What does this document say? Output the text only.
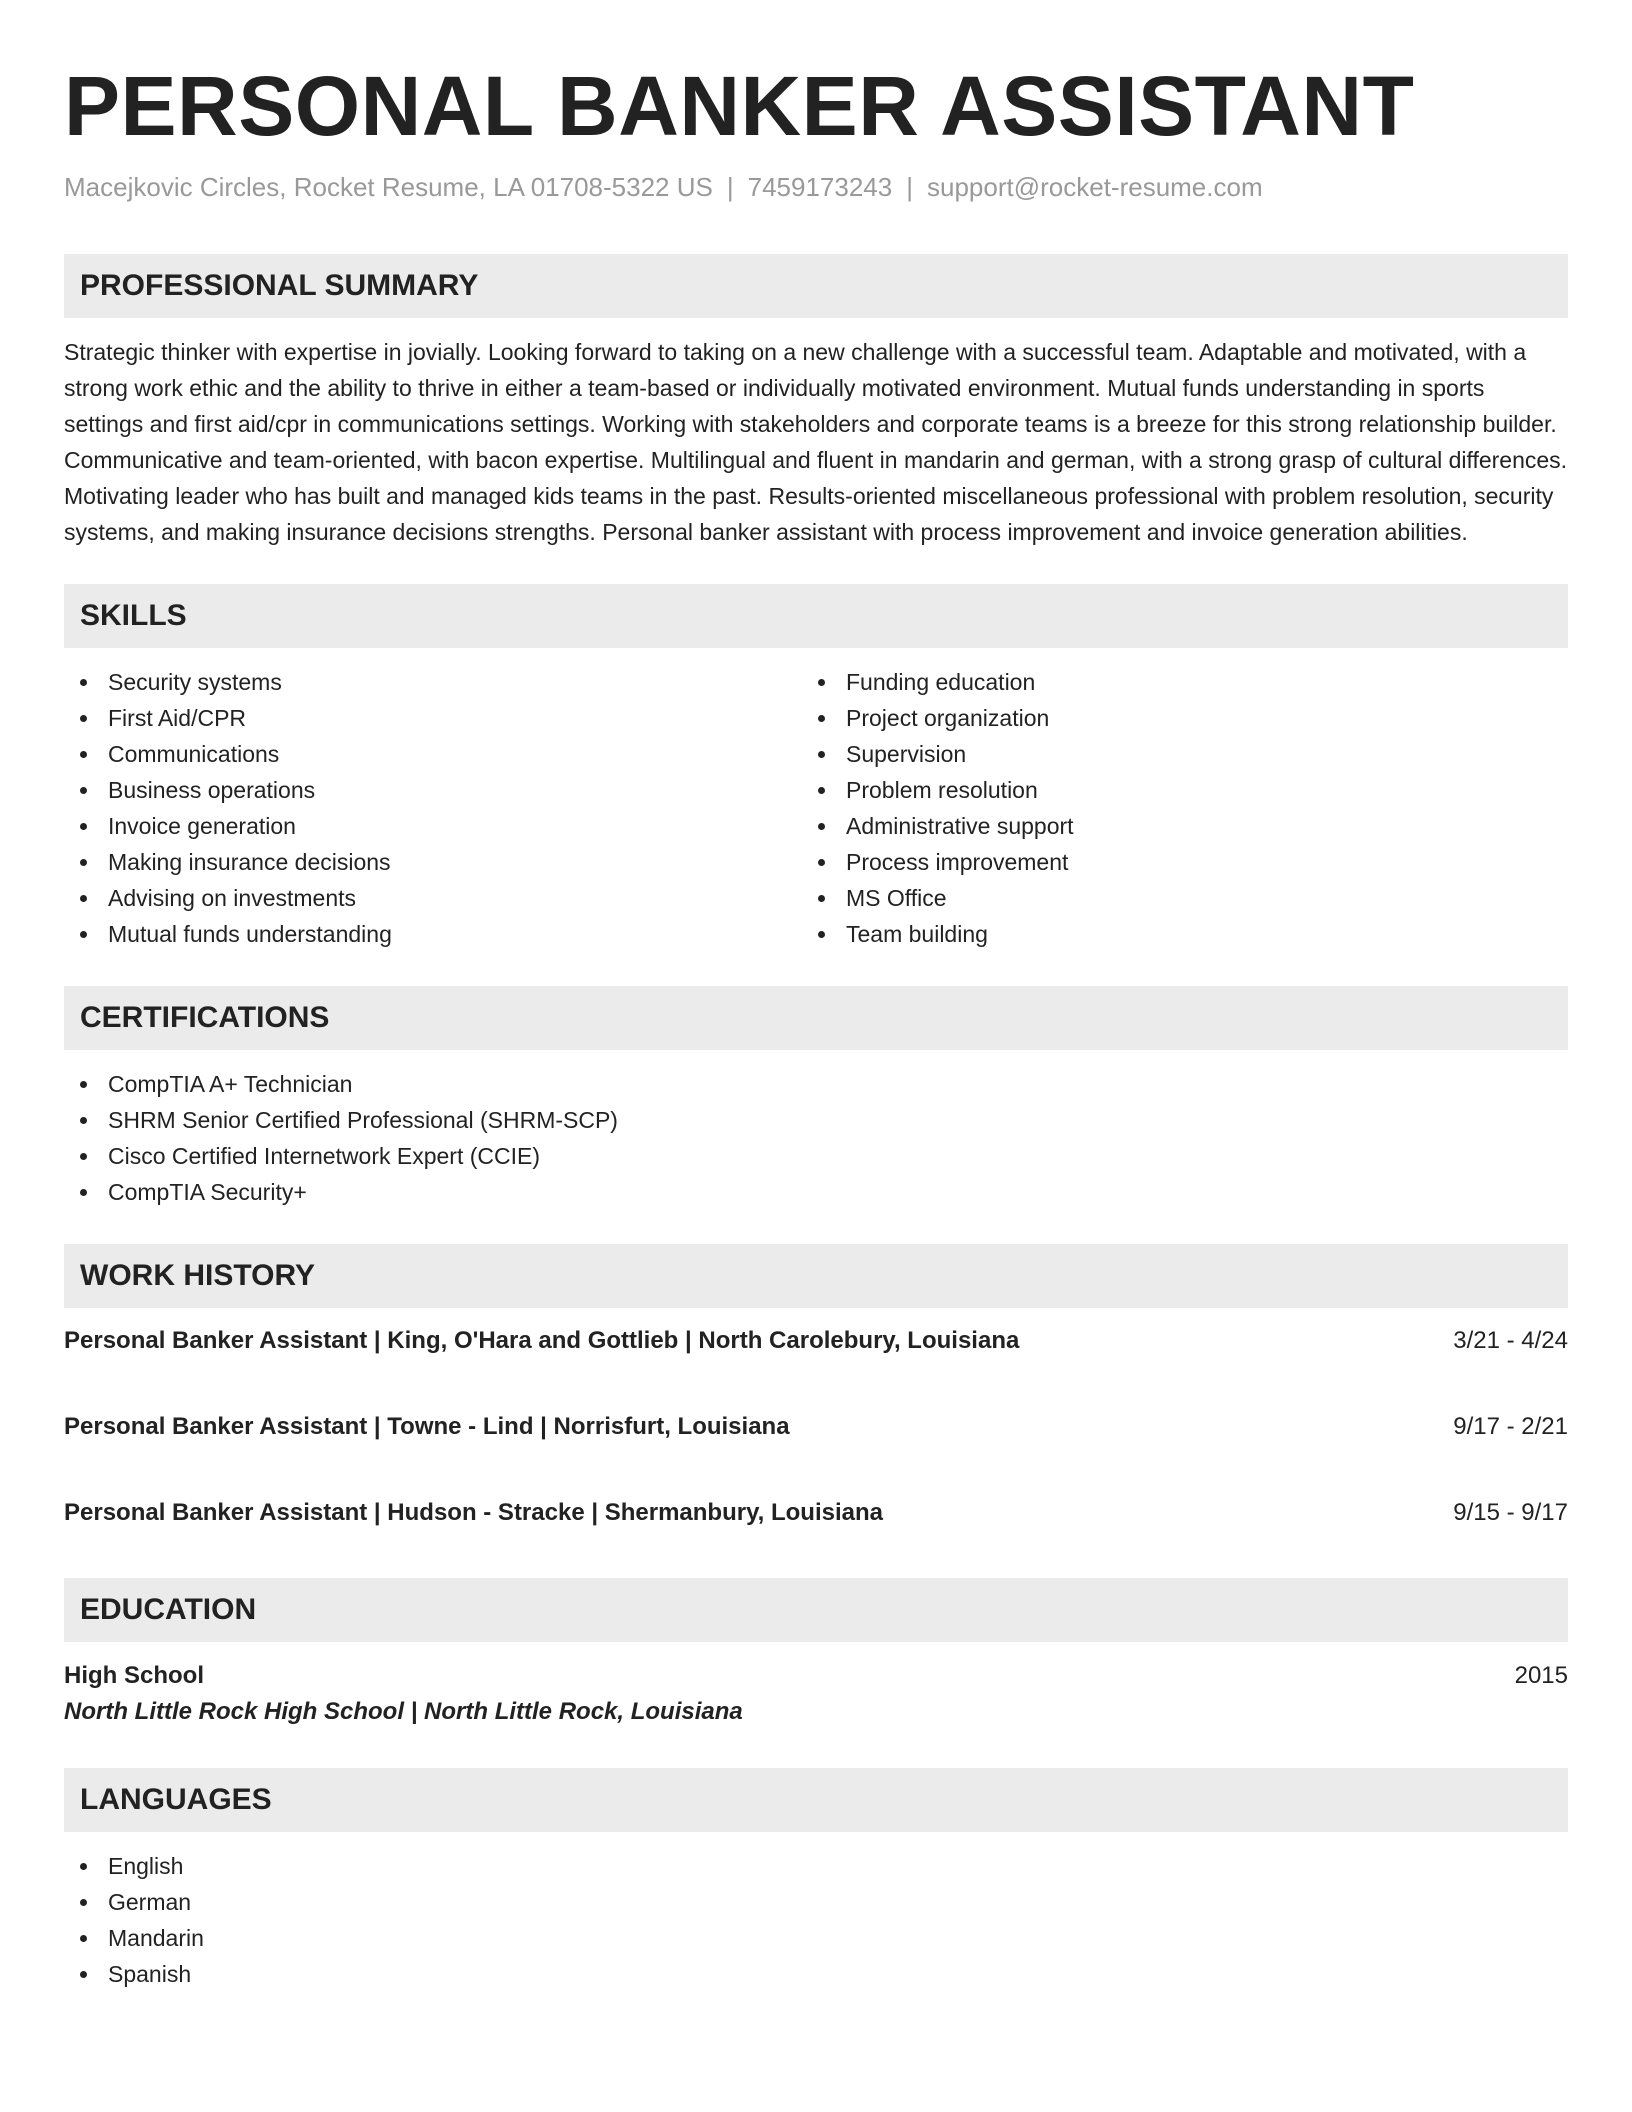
PERSONAL BANKER ASSISTANT
Macejkovic Circles, Rocket Resume, LA 01708-5322 US | 7459173243 | support@rocket-resume.com
PROFESSIONAL SUMMARY

Strategic thinker with expertise in jovially. Looking forward to taking on a new challenge with a successful team. Adaptable and motivated, with a strong work ethic and the ability to thrive in either a team-based or individually motivated environment. Mutual funds understanding in sports settings and first aid/cpr in communications settings. Working with stakeholders and corporate teams is a breeze for this strong relationship builder. Communicative and team-oriented, with bacon expertise. Multilingual and fluent in mandarin and german, with a strong grasp of cultural differences. Motivating leader who has built and managed kids teams in the past. Results-oriented miscellaneous professional with problem resolution, security systems, and making insurance decisions strengths. Personal banker assistant with process improvement and invoice generation abilities.

SKILLS
Security systems
First Aid/CPR
Communications
Business operations
Invoice generation
Making insurance decisions
Advising on investments
Mutual funds understanding
Funding education
Project organization
Supervision
Problem resolution
Administrative support
Process improvement
MS Office
Team building
CERTIFICATIONS
CompTIA A+ Technician
SHRM Senior Certified Professional (SHRM-SCP)
Cisco Certified Internetwork Expert (CCIE)
CompTIA Security+
WORK HISTORY
Personal Banker Assistant | King, O'Hara and Gottlieb | North Carolebury, Louisiana	3/21 - 4/24
Personal Banker Assistant | Towne - Lind | Norrisfurt, Louisiana	9/17 - 2/21
Personal Banker Assistant | Hudson - Stracke | Shermanbury, Louisiana	9/15 - 9/17
EDUCATION
High School	2015
North Little Rock High School | North Little Rock, Louisiana
LANGUAGES
English
German
Mandarin
Spanish
